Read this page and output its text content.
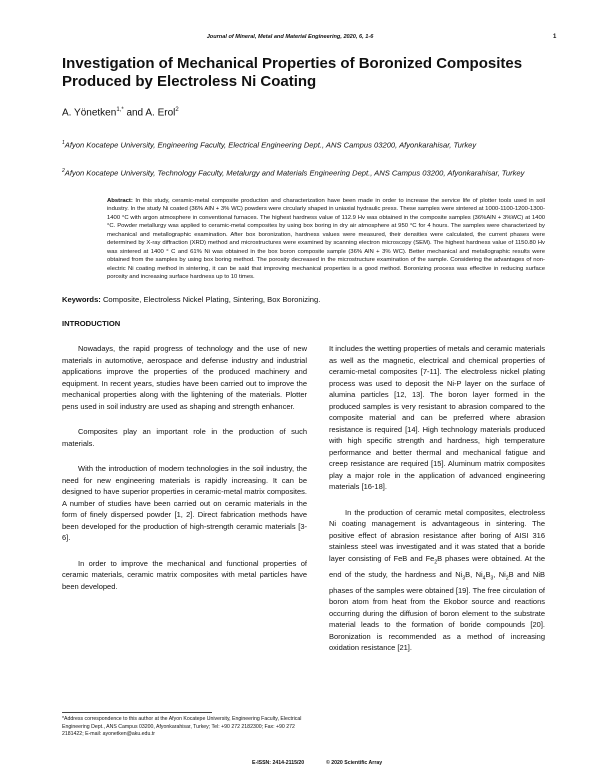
Journal of Mineral, Metal and Material Engineering, 2020, 6, 1-6	1
Investigation of Mechanical Properties of Boronized Composites Produced by Electroless Ni Coating
A. Yönetken$^{1,*}$ and A. Erol$^2$
$^1$Afyon Kocatepe University, Engineering Faculty, Electrical Engineering Dept., ANS Campus 03200, Afyonkarahisar, Turkey
$^2$Afyon Kocatepe University, Technology Faculty, Metalurgy and Materials Engineering Dept., ANS Campus 03200, Afyonkarahisar, Turkey
Abstract: In this study, ceramic-metal composite production and characterization have been made in order to increase the service life of plotter tools used in soil industry. In the study Ni coated (36% AlN + 3% WC) powders were circularly shaped in uniaxial hydraulic press. These samples were sintered at 1000-1100-1200-1300-1400 °C with argon atmosphere in conventional furnaces. The highest hardness value of 112.9 Hv was obtained in the composite samples (36%AlN + 3%WC) at 1400 °C. Powder metallurgy was applied to ceramic-metal composites by using box boring in dry air atmosphere at 950 °C for 4 hours. The samples were characterized by mechanical and metallographic examination. After box boronization, hardness values were measured, their densities were calculated, the current phases were determined by X-ray diffraction (XRD) method and microstructures were examined by scanning electron microscopy (SEM). The highest hardness value of 1150.80 Hv was sintered at 1400 ° C and 61% Ni was obtained in the box boron composite sample (36% AlN + 3% WC). Better mechanical and metallographic results were obtained from the samples by using box boring method. The porosity decreased in the microstructure examination of the sample. Considering the advantages of non-electric Ni coating method in sintering, it can be said that improving mechanical properties is a good method. Boronizing process was effective in reducing surface porosity and increasing surface hardness up to 10 times.
Keywords: Composite, Electroless Nickel Plating, Sintering, Box Boronizing.
INTRODUCTION

Nowadays, the rapid progress of technology and the use of new materials in automotive, aerospace and defense industry and industrial applications improve the properties of the produced machinery and equipment. In recent years, studies have been carried out to improve the mechanical properties along with the lightening of the materials. Plotter pens used in soil industry are used as shaping and strength enhancer.

Composites play an important role in the production of such materials.

With the introduction of modern technologies in the soil industry, the need for new engineering materials is rapidly increasing. It can be designed to have superior properties in ceramic-metal matrix composites. A number of studies have been carried out on ceramic materials in the form of finely dispersed powder [1, 2]. Direct fabrication methods have been developed for the production of high-strength ceramic materials [3-6].

In order to improve the mechanical and functional properties of ceramic materials, ceramic matrix composites with metal particles have been developed.

It includes the wetting properties of metals and ceramic materials as well as the magnetic, electrical and chemical properties of ceramic-metal composites [7-11]. The electroless nickel plating process was used to deposit the Ni-P layer on the surface of alumina particles [12, 13]. The boron layer formed in the produced samples is very resistant to abrasion compared to the composite material and can be preferred where abrasion resistance is required [14]. High technology materials produced with high specific strength and hardness, high temperature performance and better thermal and mechanical fatigue and creep resistance are required [15]. Aluminum matrix composites play a major role in the application of advanced engineering materials [16-18].

In the production of ceramic metal composites, electroless Ni coating management is advantageous in sintering. The positive effect of abrasion resistance after boring of AISI 316 stainless steel was investigated and it was stated that a boride layer consisting of FeB and $Fe_2B$ phases were obtained. At the end of the study, the hardness and $Ni_3B$, $Ni_4B_3$, $Ni_2B$ and NiB phases of the samples were obtained [19]. The free circulation of boron atom from heat from the Ekobor source and reactions occurring during the diffusion of boron element to the substrate material leads to the formation of boride compounds [20]. Boronization is recommended as a method of increasing oxidation resistance [21].

*Address correspondence to this author at the Afyon Kocatepe University, Engineering Faculty, Electrical Engineering Dept., ANS Campus 03200, Afyonkarahisar, Turkey; Tel: +90 272 2182300; Fax: +90 272 2181422; E-mail: ayonetken@aku.edu.tr
E-ISSN: 2414-2115/20	© 2020 Scientific Array
